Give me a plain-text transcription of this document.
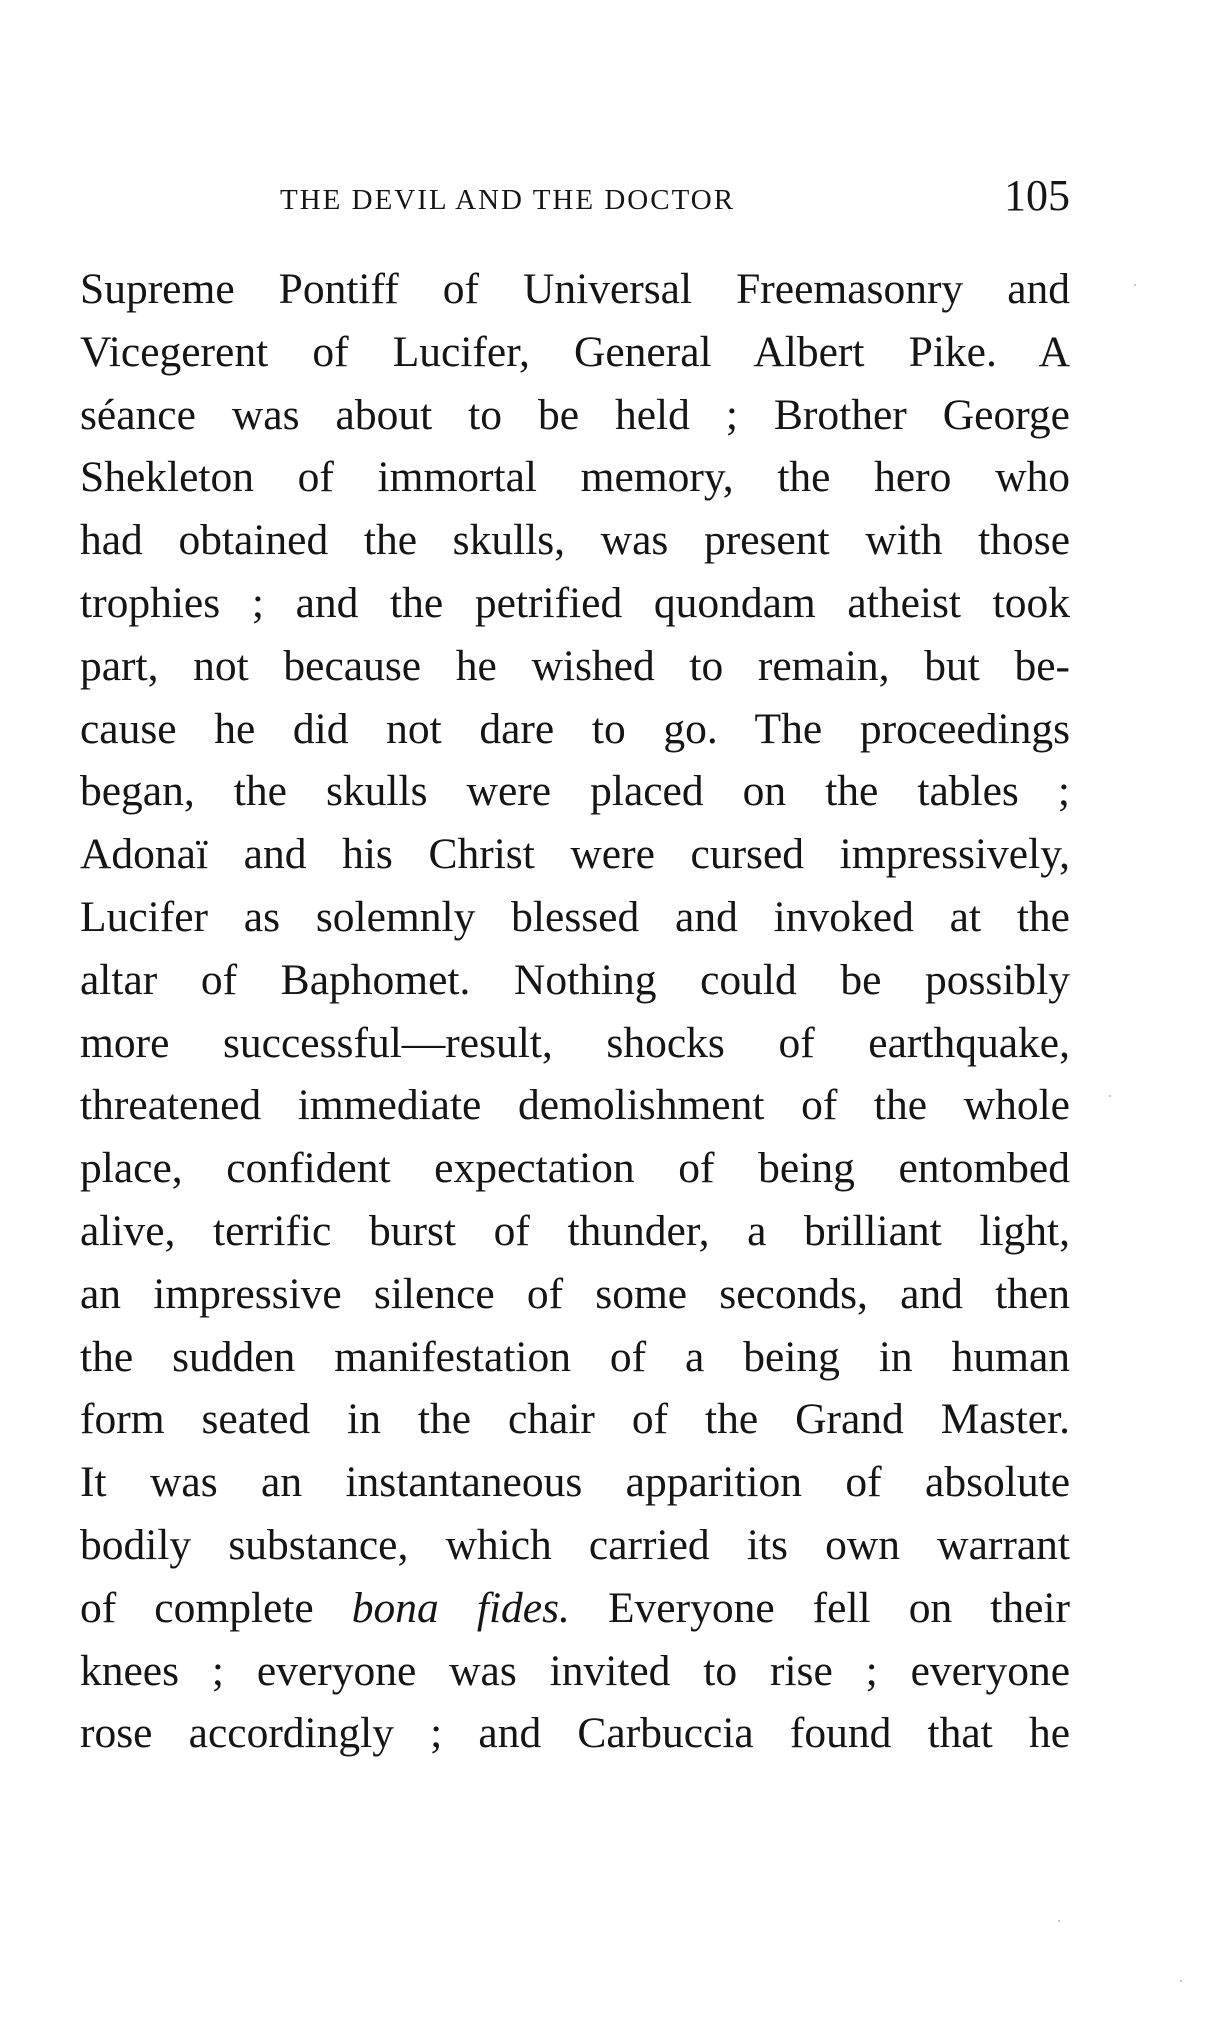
THE DEVIL AND THE DOCTOR	105
Supreme Pontiff of Universal Freemasonry and
Vicegerent of Lucifer, General Albert Pike. A
séance was about to be held ; Brother George
Shekleton of immortal memory, the hero who
had obtained the skulls, was present with those
trophies ; and the petrified quondam atheist took
part, not because he wished to remain, but be-
cause he did not dare to go. The proceedings
began, the skulls were placed on the tables ;
Adonaï and his Christ were cursed impressively,
Lucifer as solemnly blessed and invoked at the
altar of Baphomet. Nothing could be possibly
more successful—result, shocks of earthquake,
threatened immediate demolishment of the whole
place, confident expectation of being entombed
alive, terrific burst of thunder, a brilliant light,
an impressive silence of some seconds, and then
the sudden manifestation of a being in human
form seated in the chair of the Grand Master.
It was an instantaneous apparition of absolute
bodily substance, which carried its own warrant
of complete bona fides. Everyone fell on their
knees ; everyone was invited to rise ; everyone
rose accordingly ; and Carbuccia found that he
